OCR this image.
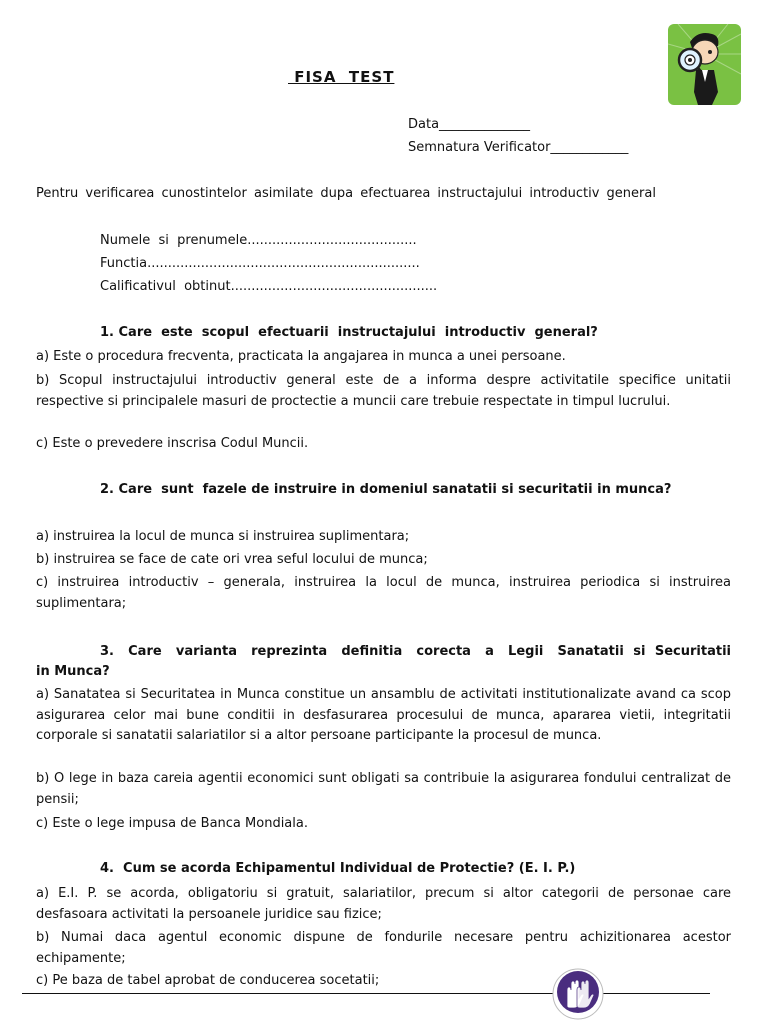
FISA  TEST
Data______________
Semnatura Verificator____________
Pentru verificarea cunostintelor asimilate dupa efectuarea instructajului introductiv general
Numele  si  prenumele.........................................
Functia..................................................................
Calificativul  obtinut..................................................
1. Care  este  scopul  efectuarii  instructajului  introductiv  general?
a) Este o procedura frecventa, practicata la angajarea in munca a unei persoane.
b) Scopul instructajului introductiv general este de a informa despre activitatile specifice unitatii respective si principalele masuri de proctectie a muncii care trebuie respectate in timpul lucrului.
c) Este o prevedere inscrisa Codul Muncii.
2. Care  sunt  fazele de instruire in domeniul sanatatii si securitatii in munca?
a) instruirea la locul de munca si instruirea suplimentara;
b) instruirea se face de cate ori vrea seful locului de munca;
c) instruirea introductiv – generala, instruirea la locul de munca, instruirea periodica si instruirea suplimentara;
3.   Care   varianta   reprezinta   definitia   corecta   a   Legii   Sanatatii  si  Securitatii in Munca?
a) Sanatatea si Securitatea in Munca constitue un ansamblu de activitati institutionalizate avand ca scop asigurarea celor mai bune conditii in desfasurarea procesului de munca, apararea vietii, integritatii corporale si sanatatii salariatilor si a altor persoane participante la procesul de munca.
b) O lege in baza careia agentii economici sunt obligati sa contribuie la asigurarea fondului centralizat de pensii;
c) Este o lege impusa de Banca Mondiala.
4.  Cum se acorda Echipamentul Individual de Protectie? (E. I. P.)
a) E.I. P. se acorda, obligatoriu si gratuit, salariatilor, precum si altor categorii de personae care desfasoara activitati la persoanele juridice sau fizice;
b) Numai daca agentul economic dispune de fondurile necesare pentru achizitionarea acestor echipamente;
c) Pe baza de tabel aprobat de conducerea socetatii;
